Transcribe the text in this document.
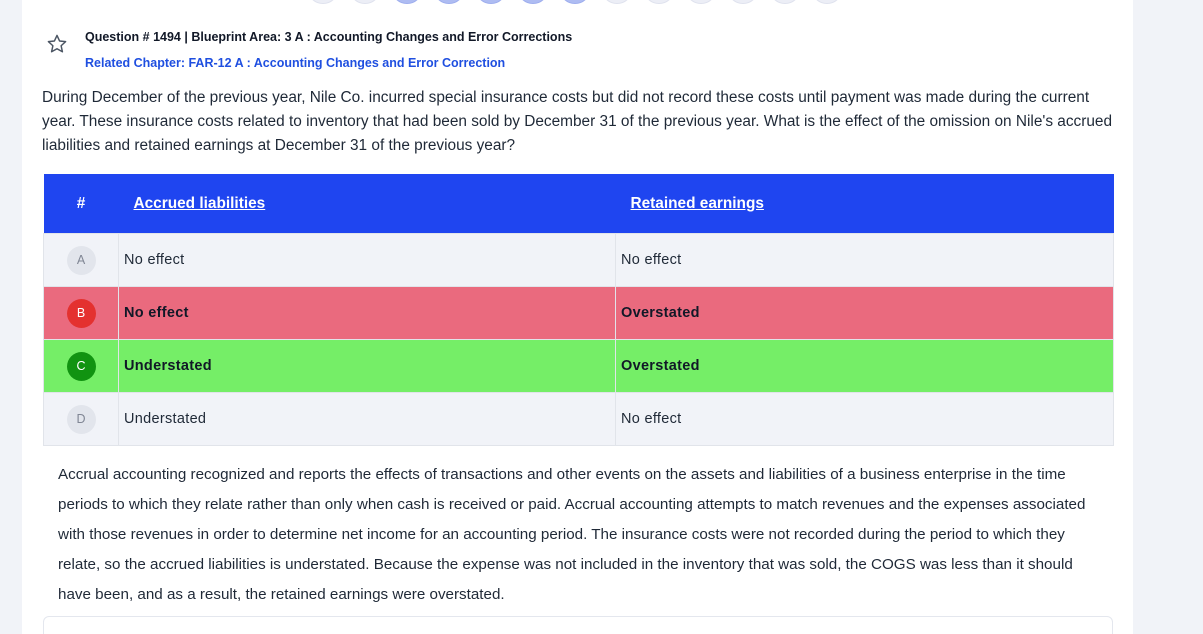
Question # 1494 | Blueprint Area: 3 A : Accounting Changes and Error Corrections
Related Chapter: FAR-12 A : Accounting Changes and Error Correction
During December of the previous year, Nile Co. incurred special insurance costs but did not record these costs until payment was made during the current year. These insurance costs related to inventory that had been sold by December 31 of the previous year. What is the effect of the omission on Nile's accrued liabilities and retained earnings at December 31 of the previous year?
#	Accrued liabilities	Retained earnings
A	No effect	No effect
B	No effect	Overstated
C	Understated	Overstated
D	Understated	No effect
Accrual accounting recognized and reports the effects of transactions and other events on the assets and liabilities of a business enterprise in the time periods to which they relate rather than only when cash is received or paid. Accrual accounting attempts to match revenues and the expenses associated with those revenues in order to determine net income for an accounting period. The insurance costs were not recorded during the period to which they relate, so the accrued liabilities is understated. Because the expense was not included in the inventory that was sold, the COGS was less than it should have been, and as a result, the retained earnings were overstated.
